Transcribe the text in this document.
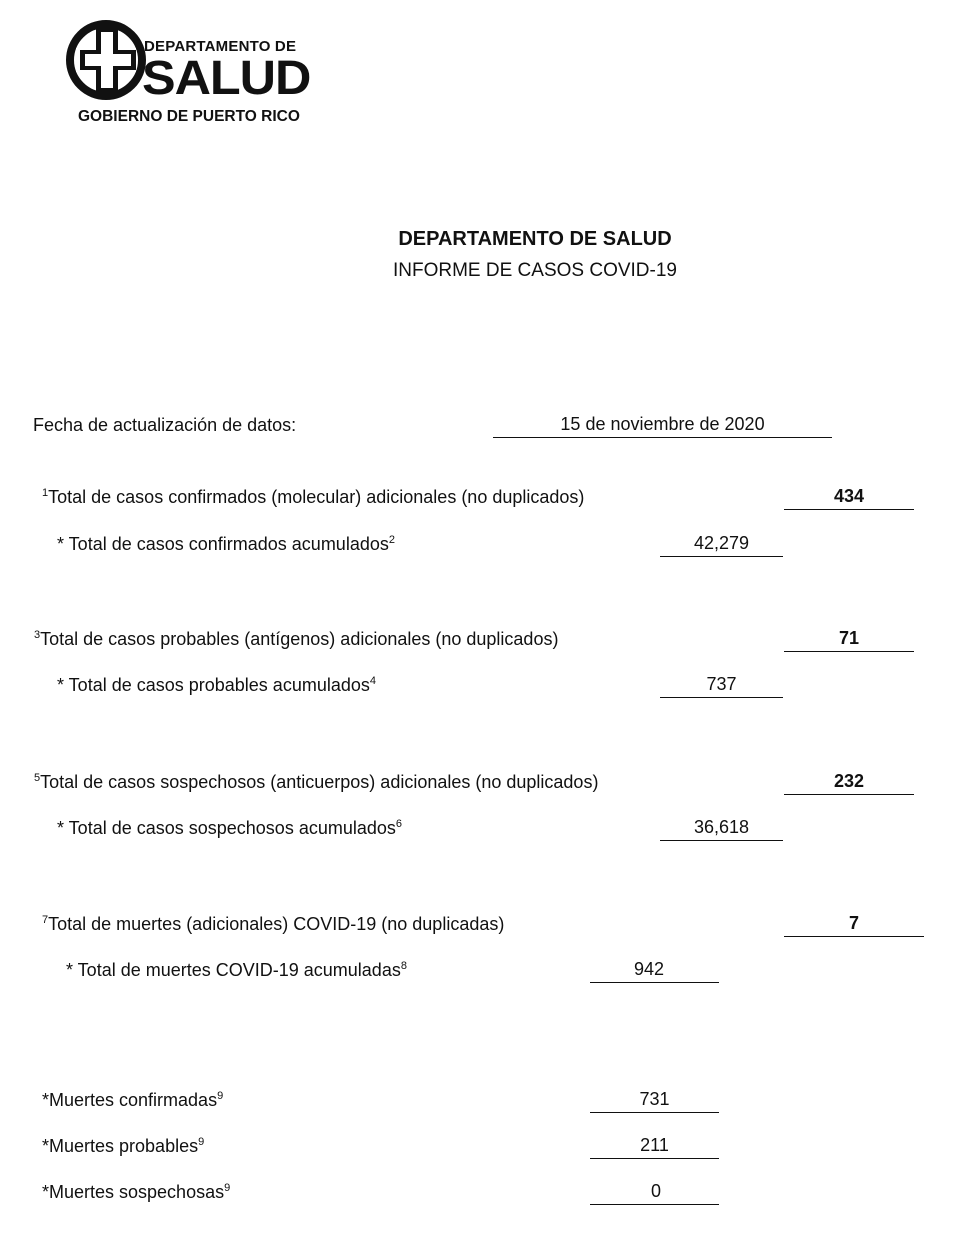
DEPARTAMENTO DE
SALUD
GOBIERNO DE PUERTO RICO
DEPARTAMENTO DE SALUD
INFORME DE CASOS COVID-19
Fecha de actualización de datos:	15 de noviembre de 2020
$^1$Total de casos confirmados (molecular) adicionales (no duplicados)	434
* Total de casos confirmados acumulados$^2$	42,279
$^3$Total de casos probables (antígenos) adicionales (no duplicados)	71
* Total de casos probables acumulados$^4$	737
$^5$Total de casos sospechosos (anticuerpos) adicionales (no duplicados)	232
* Total de casos sospechosos acumulados$^6$	36,618
$^7$Total de muertes (adicionales) COVID-19 (no duplicadas)	7
* Total de muertes COVID-19 acumuladas$^8$	942
*Muertes confirmadas$^9$	731
*Muertes probables$^9$	211
*Muertes sospechosas$^9$	0
